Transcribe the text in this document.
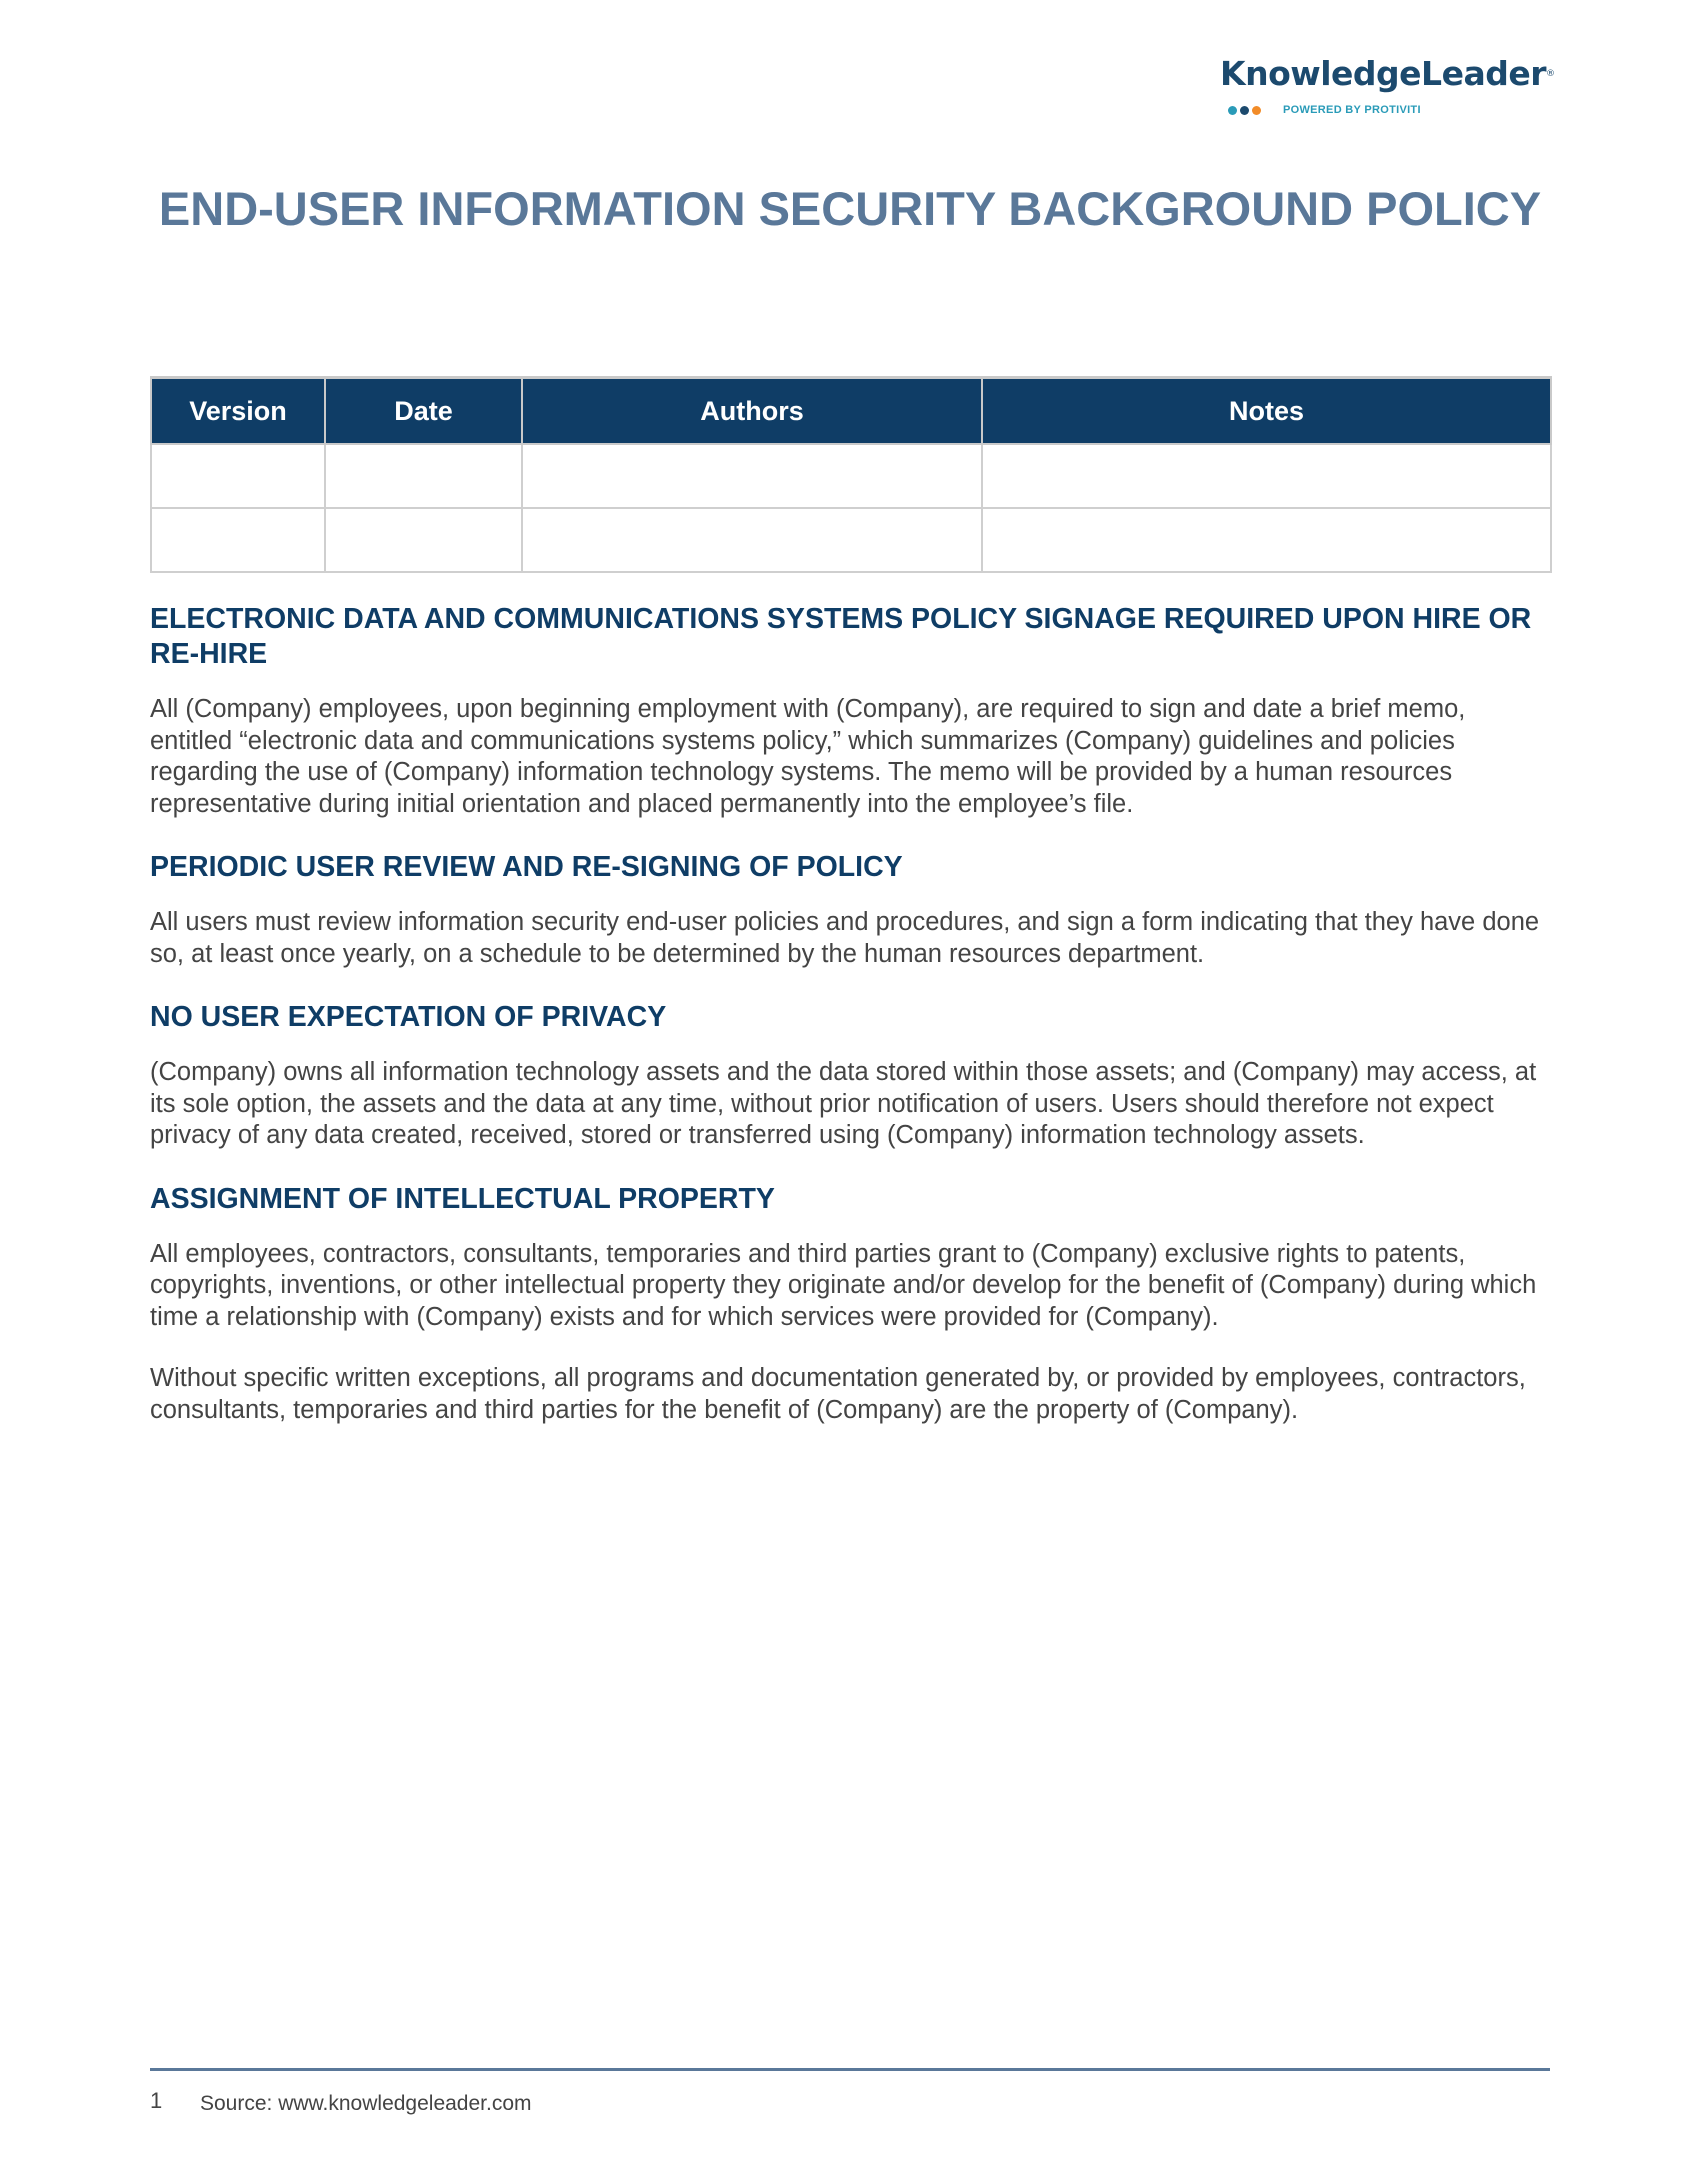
KnowledgeLeader®
POWERED BY PROTIVITI
END-USER INFORMATION SECURITY BACKGROUND POLICY
Version	Date	Authors	Notes

ELECTRONIC DATA AND COMMUNICATIONS SYSTEMS POLICY SIGNAGE REQUIRED UPON HIRE OR RE-HIRE

All (Company) employees, upon beginning employment with (Company), are required to sign and date a brief memo, entitled “electronic data and communications systems policy,” which summarizes (Company) guidelines and policies regarding the use of (Company) information technology systems. The memo will be provided by a human resources representative during initial orientation and placed permanently into the employee’s file.

PERIODIC USER REVIEW AND RE-SIGNING OF POLICY

All users must review information security end-user policies and procedures, and sign a form indicating that they have done so, at least once yearly, on a schedule to be determined by the human resources department.

NO USER EXPECTATION OF PRIVACY

(Company) owns all information technology assets and the data stored within those assets; and (Company) may access, at its sole option, the assets and the data at any time, without prior notification of users. Users should therefore not expect privacy of any data created, received, stored or transferred using (Company) information technology assets.

ASSIGNMENT OF INTELLECTUAL PROPERTY

All employees, contractors, consultants, temporaries and third parties grant to (Company) exclusive rights to patents, copyrights, inventions, or other intellectual property they originate and/or develop for the benefit of (Company) during which time a relationship with (Company) exists and for which services were provided for (Company).

Without specific written exceptions, all programs and documentation generated by, or provided by employees, contractors, consultants, temporaries and third parties for the benefit of (Company) are the property of (Company).

1 Source: www.knowledgeleader.com
